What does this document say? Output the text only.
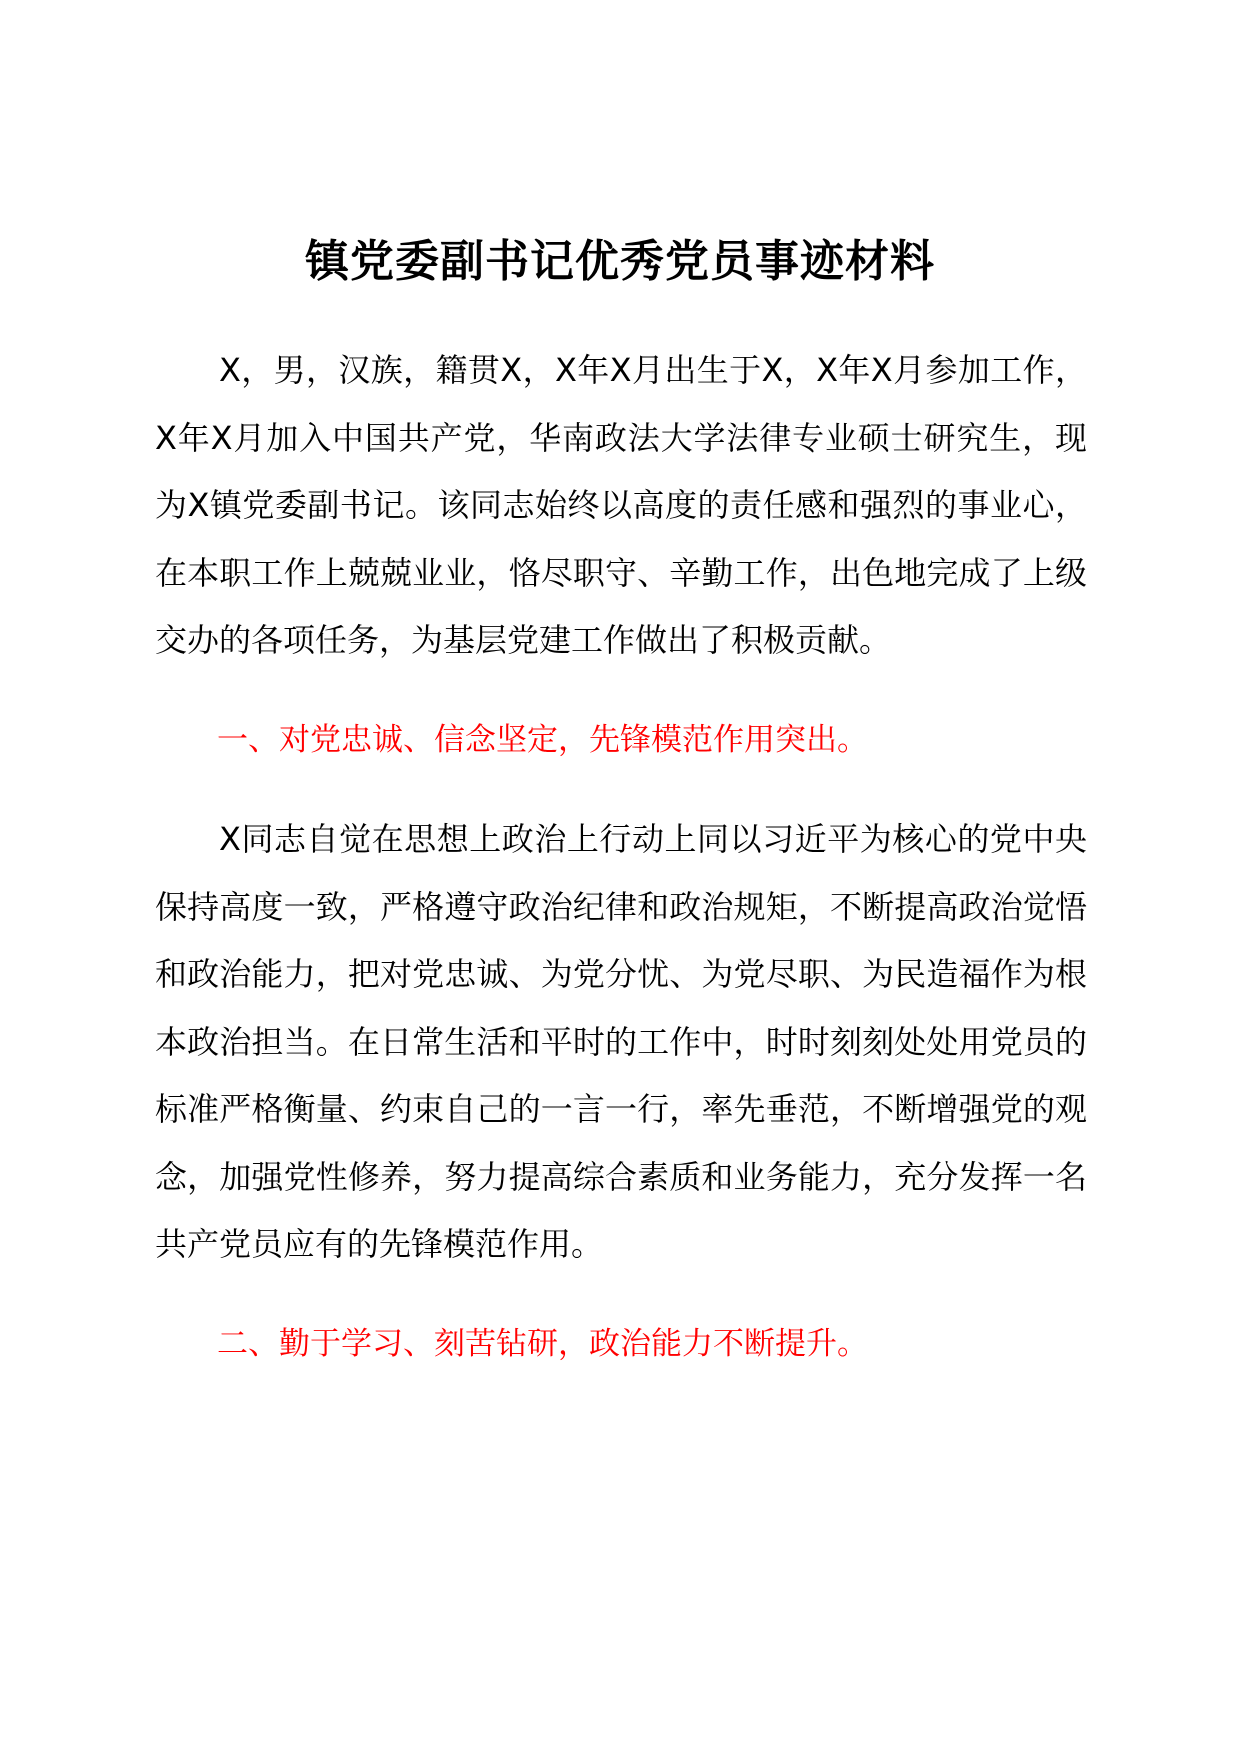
镇党委副书记优秀党员事迹材料

X，男，汉族，籍贯X，X年X月出生于X，X年X月参加工作，X年X月加入中国共产党，华南政法大学法律专业硕士研究生，现为X镇党委副书记。该同志始终以高度的责任感和强烈的事业心，在本职工作上兢兢业业，恪尽职守、辛勤工作，出色地完成了上级交办的各项任务，为基层党建工作做出了积极贡献。

一、对党忠诚、信念坚定，先锋模范作用突出。

X同志自觉在思想上政治上行动上同以习近平为核心的党中央保持高度一致，严格遵守政治纪律和政治规矩，不断提高政治觉悟和政治能力，把对党忠诚、为党分忧、为党尽职、为民造福作为根本政治担当。在日常生活和平时的工作中，时时刻刻处处用党员的标准严格衡量、约束自己的一言一行，率先垂范，不断增强党的观念，加强党性修养，努力提高综合素质和业务能力，充分发挥一名共产党员应有的先锋模范作用。

二、勤于学习、刻苦钻研，政治能力不断提升。
